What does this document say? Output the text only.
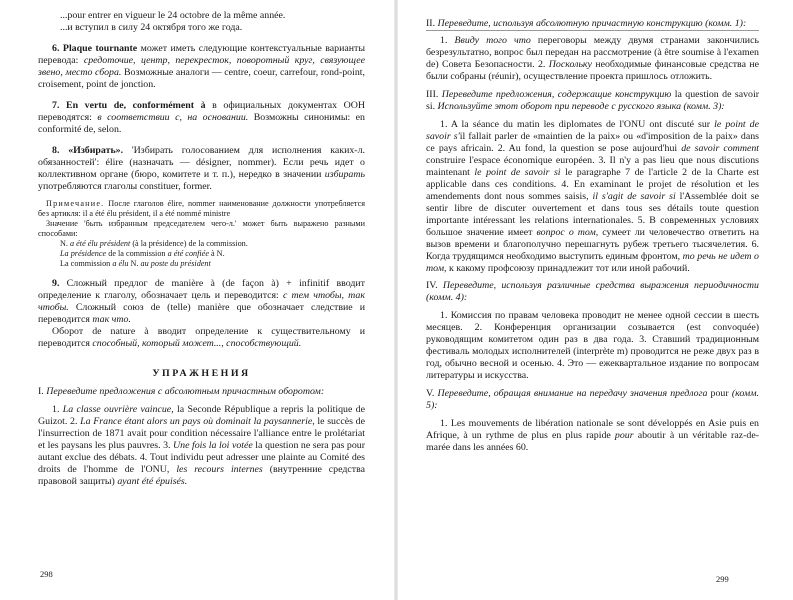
...pour entrer en vigueur le 24 octobre de la même année.

...и вступил в силу 24 октября того же года.

6. Plaque tournante может иметь следующие контекстуальные варианты перевода: средоточие, центр, перекресток, поворотный круг, связующее звено, место сбора. Возможные аналоги — centre, coeur, carrefour, rond-point, croisement, point de jonction.

7. En vertu de, conformément à в официальных документах ООН переводятся: в соответствии с, на основании. Возможны синонимы: en conformité de, selon.

8. «Избирать». 'Избирать голосованием для исполнения каких-л. обязанностей': élire (назначать — désigner, nommer). Если речь идет о коллективном органе (бюро, комитете и т. п.), нередко в значении избирать употребляются глаголы constituer, former.

Примечание. После глаголов élire, nommer наименование должности употребляется без артикля: il a été élu président, il a été nommé ministre

Значение 'быть избранным председателем чего-л.' может быть выражено разными способами:

N. a été élu président (à la présidence) de la commission.

La présidence de la commission a été confiée à N.

La commission a élu N. au poste du président

9. Сложный предлог de manière à (de façon à) + infinitif вводит определение к глаголу, обозначает цель и переводится: с тем чтобы, так чтобы. Сложный союз de (telle) manière que обозначает следствие и переводится так что.

Оборот de nature à вводит определение к существительному и переводится способный, который может..., способствующий.

УПРАЖНЕНИЯ

I. Переведите предложения с абсолютным причастным оборотом:

1. La classe ouvrière vaincue, la Seconde République a repris la politique de Guizot. 2. La France étant alors un pays où dominait la paysannerie, le succès de l'insurrection de 1871 avait pour condition nécessaire l'alliance entre le prolétariat et les paysans les plus pauvres. 3. Une fois la loi votée la question ne sera pas pour autant exclue des débats. 4. Tout individu peut adresser une plainte au Comité des droits de l'homme de l'ONU, les recours internes (внутренние средства правовой защиты) ayant été épuisés.

298

II. Переведите, используя абсолютную причастную конструкцию (комм. 1):

1. Ввиду того что переговоры между двумя странами закончились безрезультатно, вопрос был передан на рассмотрение (à être soumise à l'examen de) Совета Безопасности. 2. Поскольку необходимые финансовые средства не были собраны (réunir), осуществление проекта пришлось отложить.

III. Переведите предложения, содержащие конструкцию la question de savoir si. Используйте этот оборот при переводе с русского языка (комм. 3):

1. A la séance du matin les diplomates de l'ONU ont discuté sur le point de savoir s'il fallait parler de «maintien de la paix» ou «d'imposition de la paix» dans ce pays africain. 2. Au fond, la question se pose aujourd'hui de savoir comment construire l'espace économique européen. 3. Il n'y a pas lieu que nous discutions maintenant le point de savoir si le paragraphe 7 de l'article 2 de la Charte est applicable dans ces conditions. 4. En examinant le projet de résolution et les amendements dont nous sommes saisis, il s'agit de savoir si l'Assemblée doit se sentir libre de discuter ouvertement et dans tous ses détails toute question importante intéressant les relations internationales. 5. В современных условиях большое значение имеет вопрос о том, сумеет ли человечество ответить на вызов времени и благополучно перешагнуть рубеж третьего тысячелетия. 6. Когда трудящимся необходимо выступить единым фронтом, то речь не идет о том, к какому профсоюзу принадлежит тот или иной рабочий.

IV. Переведите, используя различные средства выражения периодичности (комм. 4):

1. Комиссия по правам человека проводит не менее одной сессии в шесть месяцев. 2. Конференция организации созывается (est convoquée) руководящим комитетом один раз в два года. 3. Ставший традиционным фестиваль молодых исполнителей (interprète m) проводится не реже двух раз в год, обычно весной и осенью. 4. Это — ежеквартальное издание по вопросам литературы и искусства.

V. Переведите, обращая внимание на передачу значения предлога pour (комм. 5):

1. Les mouvements de libération nationale se sont développés en Asie puis en Afrique, à un rythme de plus en plus rapide pour aboutir à un véritable raz-de-marée dans les années 60.

299
